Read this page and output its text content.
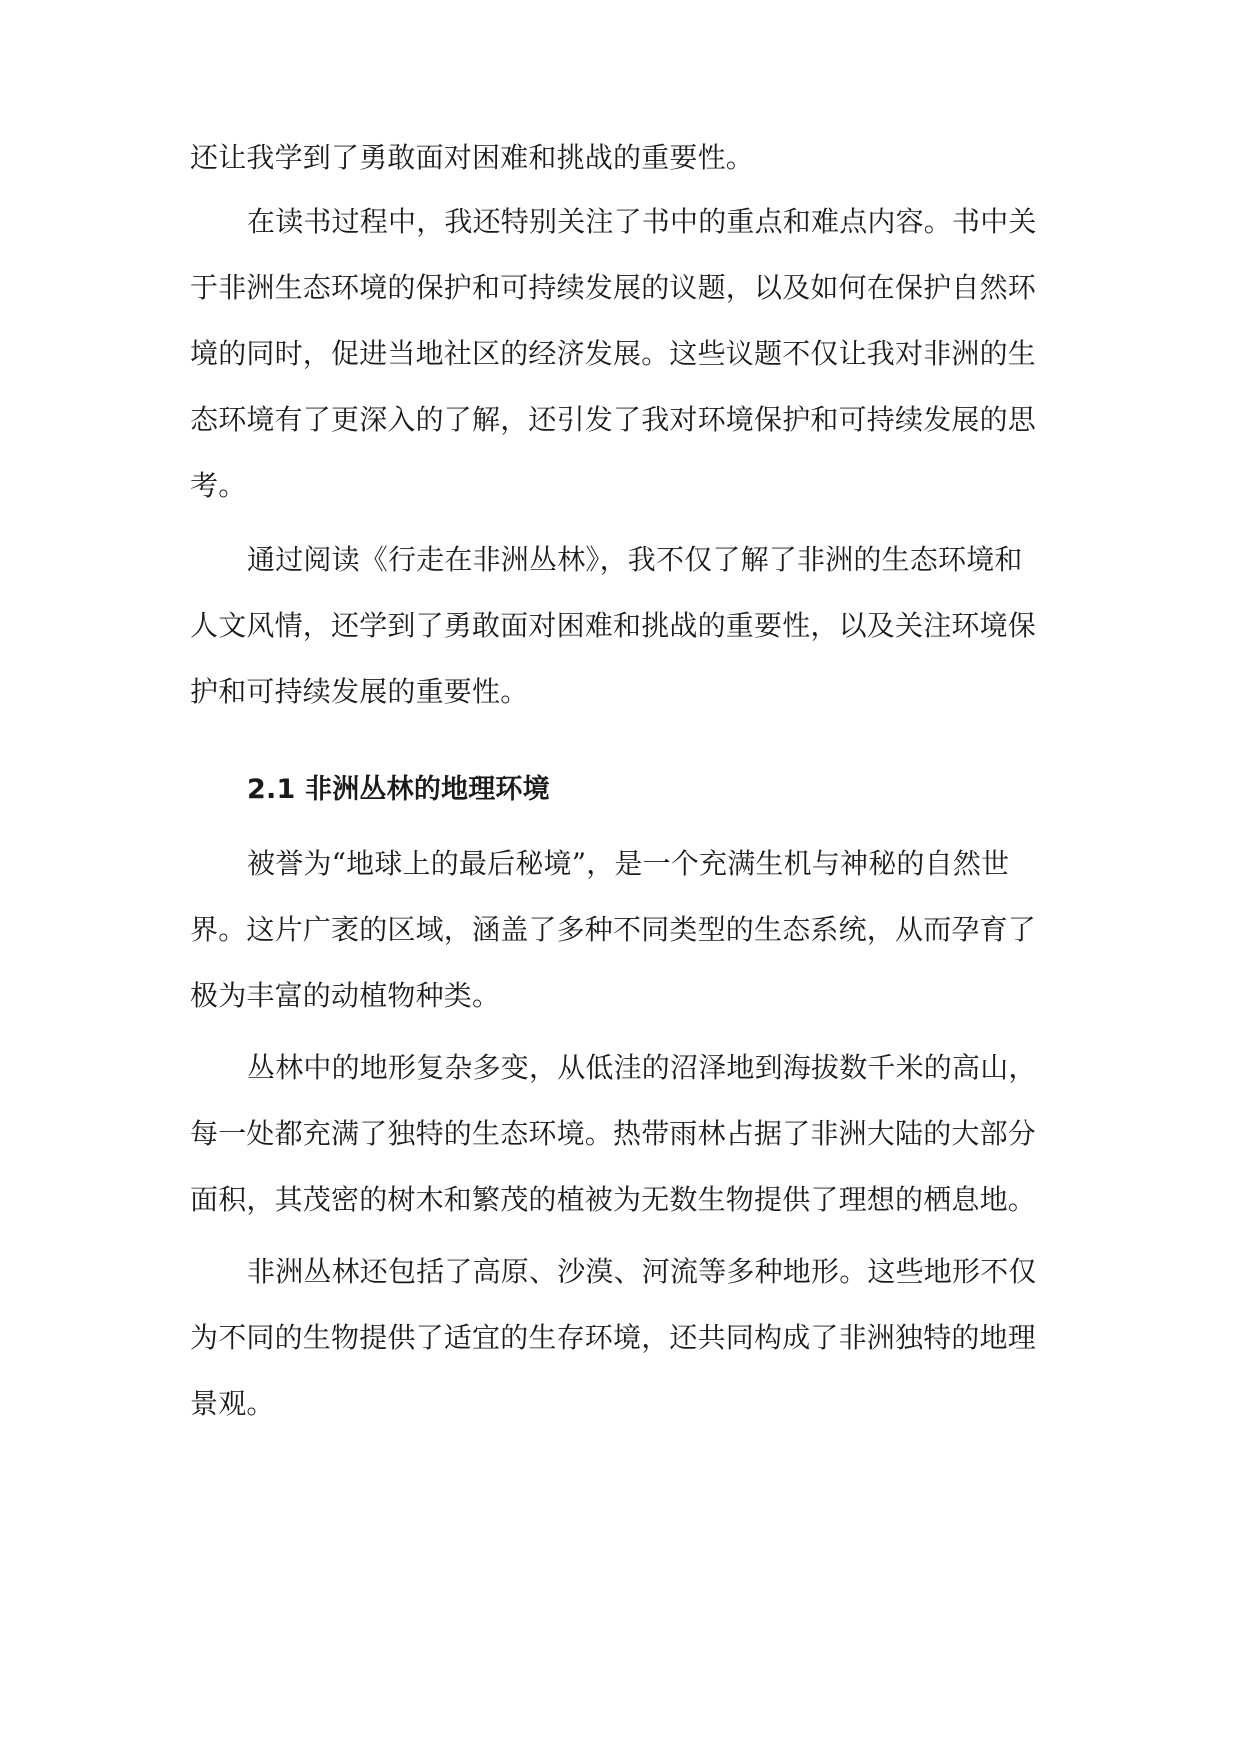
还让我学到了勇敢面对困难和挑战的重要性。
在读书过程中，我还特别关注了书中的重点和难点内容。书中关
于非洲生态环境的保护和可持续发展的议题，以及如何在保护自然环
境的同时，促进当地社区的经济发展。这些议题不仅让我对非洲的生
态环境有了更深入的了解，还引发了我对环境保护和可持续发展的思
考。
通过阅读《行走在非洲丛林》，我不仅了解了非洲的生态环境和
人文风情，还学到了勇敢面对困难和挑战的重要性，以及关注环境保
护和可持续发展的重要性。
2.1 非洲丛林的地理环境
被誉为“地球上的最后秘境”，是一个充满生机与神秘的自然世
界。这片广袤的区域，涵盖了多种不同类型的生态系统，从而孕育了
极为丰富的动植物种类。
丛林中的地形复杂多变，从低洼的沼泽地到海拔数千米的高山，
每一处都充满了独特的生态环境。热带雨林占据了非洲大陆的大部分
面积，其茂密的树木和繁茂的植被为无数生物提供了理想的栖息地。
非洲丛林还包括了高原、沙漠、河流等多种地形。这些地形不仅
为不同的生物提供了适宜的生存环境，还共同构成了非洲独特的地理
景观。
